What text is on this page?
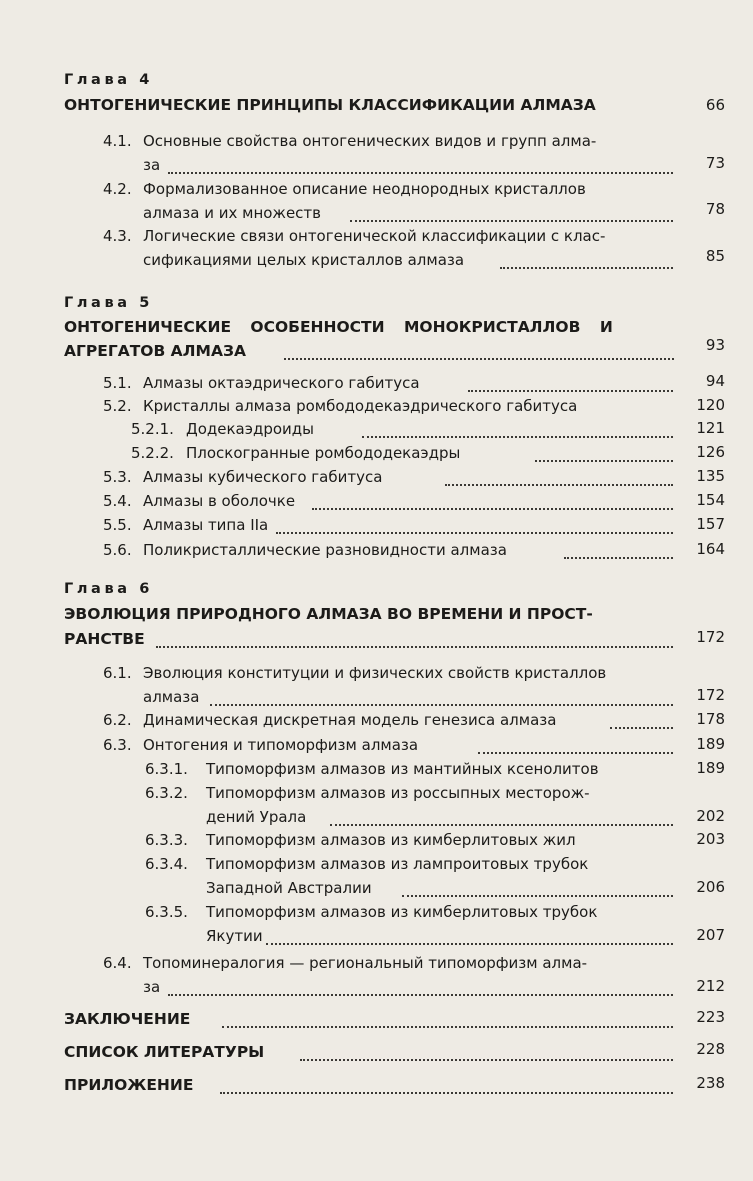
Глава 4
ОНТОГЕНИЧЕСКИЕ ПРИНЦИПЫ КЛАССИФИКАЦИИ АЛМАЗА	66
4.1. Основные свойства онтогенических видов и групп алма-
за	73
4.2. Формализованное описание неоднородных кристаллов
алмаза и их множеств	78
4.3. Логические связи онтогенической классификации с клас-
сификациями целых кристаллов алмаза	85
Глава 5
ОНТОГЕНИЧЕСКИЕ ОСОБЕННОСТИ МОНОКРИСТАЛЛОВ И
АГРЕГАТОВ АЛМАЗА	93
5.1. Алмазы октаэдрического габитуса	94
5.2. Кристаллы алмаза ромбододекаэдрического габитуса	120
5.2.1. Додекаэдроиды	121
5.2.2. Плоскогранные ромбододекаэдры	126
5.3. Алмазы кубического габитуса	135
5.4. Алмазы в оболочке	154
5.5. Алмазы типа IIa	157
5.6. Поликристаллические разновидности алмаза	164
Глава 6
ЭВОЛЮЦИЯ ПРИРОДНОГО АЛМАЗА ВО ВРЕМЕНИ И ПРОСТ-
РАНСТВЕ	172
6.1. Эволюция конституции и физических свойств кристаллов
алмаза	172
6.2. Динамическая дискретная модель генезиса алмаза	178
6.3. Онтогения и типоморфизм алмаза	189
6.3.1. Типоморфизм алмазов из мантийных ксенолитов	189
6.3.2. Типоморфизм алмазов из россыпных месторож-
дений Урала	202
6.3.3. Типоморфизм алмазов из кимберлитовых жил	203
6.3.4. Типоморфизм алмазов из лампроитовых трубок
Западной Австралии	206
6.3.5. Типоморфизм алмазов из кимберлитовых трубок
Якутии	207
6.4. Топоминералогия — региональный типоморфизм алма-
за	212
ЗАКЛЮЧЕНИЕ	223
СПИСОК ЛИТЕРАТУРЫ	228
ПРИЛОЖЕНИЕ	238
